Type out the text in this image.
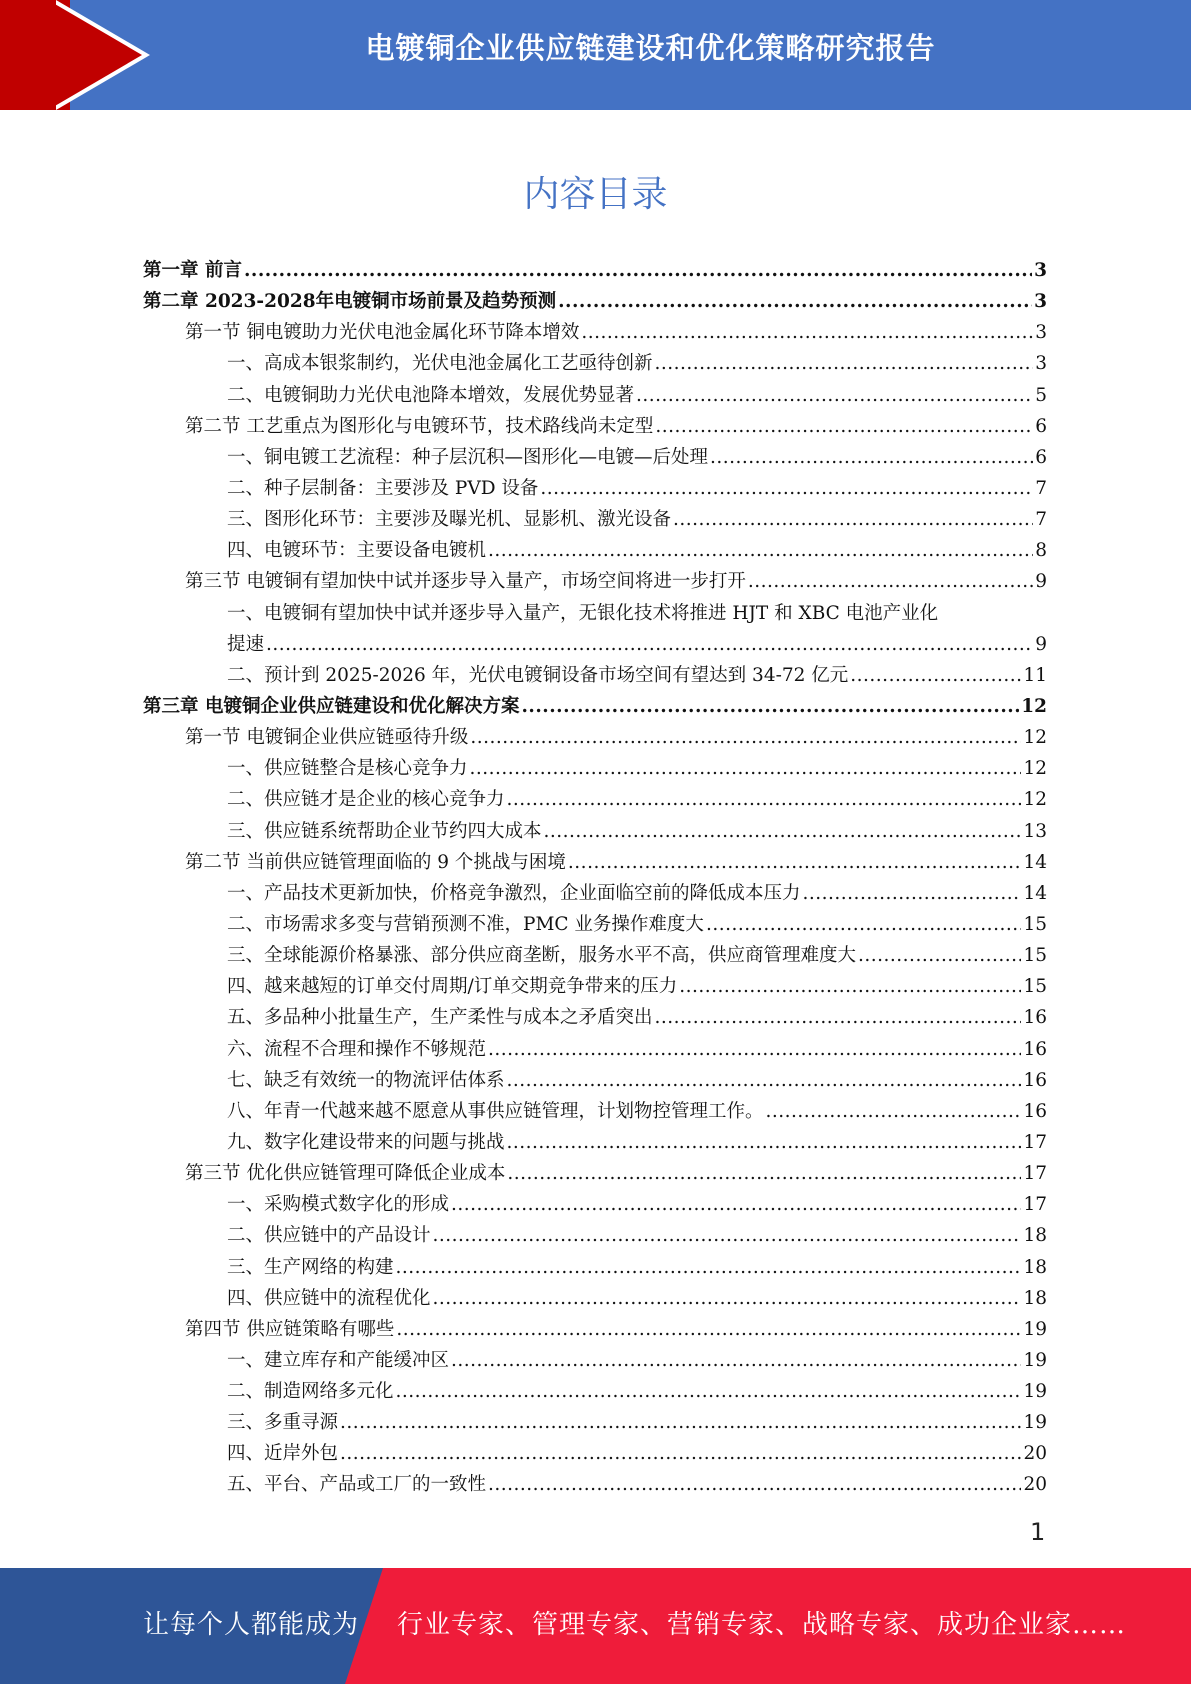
电镀铜企业供应链建设和优化策略研究报告
内容目录
第一章 前言 .....	3
第二章 2023-2028年电镀铜市场前景及趋势预测 .....	3
第一节 铜电镀助力光伏电池金属化环节降本增效 .....	3
一、高成本银浆制约，光伏电池金属化工艺亟待创新 .....	3
二、电镀铜助力光伏电池降本增效，发展优势显著 .....	5
第二节 工艺重点为图形化与电镀环节，技术路线尚未定型 .....	6
一、铜电镀工艺流程：种子层沉积—图形化—电镀—后处理 .....	6
二、种子层制备：主要涉及 PVD 设备 .....	7
三、图形化环节：主要涉及曝光机、显影机、激光设备 .....	7
四、电镀环节：主要设备电镀机 .....	8
第三节 电镀铜有望加快中试并逐步导入量产，市场空间将进一步打开 .....	9
一、电镀铜有望加快中试并逐步导入量产，无银化技术将推进 HJT 和 XBC 电池产业化
提速 .....	9
二、预计到 2025-2026 年，光伏电镀铜设备市场空间有望达到 34-72 亿元 .....	11
第三章 电镀铜企业供应链建设和优化解决方案 .....	12
第一节 电镀铜企业供应链亟待升级 .....	12
一、供应链整合是核心竞争力 .....	12
二、供应链才是企业的核心竞争力 .....	12
三、供应链系统帮助企业节约四大成本 .....	13
第二节 当前供应链管理面临的 9 个挑战与困境 .....	14
一、产品技术更新加快，价格竞争激烈，企业面临空前的降低成本压力 .....	14
二、市场需求多变与营销预测不准，PMC 业务操作难度大 .....	15
三、全球能源价格暴涨、部分供应商垄断，服务水平不高，供应商管理难度大 .....	15
四、越来越短的订单交付周期/订单交期竞争带来的压力 .....	15
五、多品种小批量生产，生产柔性与成本之矛盾突出 .....	16
六、流程不合理和操作不够规范 .....	16
七、缺乏有效统一的物流评估体系 .....	16
八、年青一代越来越不愿意从事供应链管理，计划物控管理工作。 .....	16
九、数字化建设带来的问题与挑战 .....	17
第三节 优化供应链管理可降低企业成本 .....	17
一、采购模式数字化的形成 .....	17
二、供应链中的产品设计 .....	18
三、生产网络的构建 .....	18
四、供应链中的流程优化 .....	18
第四节 供应链策略有哪些 .....	19
一、建立库存和产能缓冲区 .....	19
二、制造网络多元化 .....	19
三、多重寻源 .....	19
四、近岸外包 .....	20
五、平台、产品或工厂的一致性 .....	20
1
让每个人都能成为 行业专家、管理专家、营销专家、战略专家、成功企业家……
